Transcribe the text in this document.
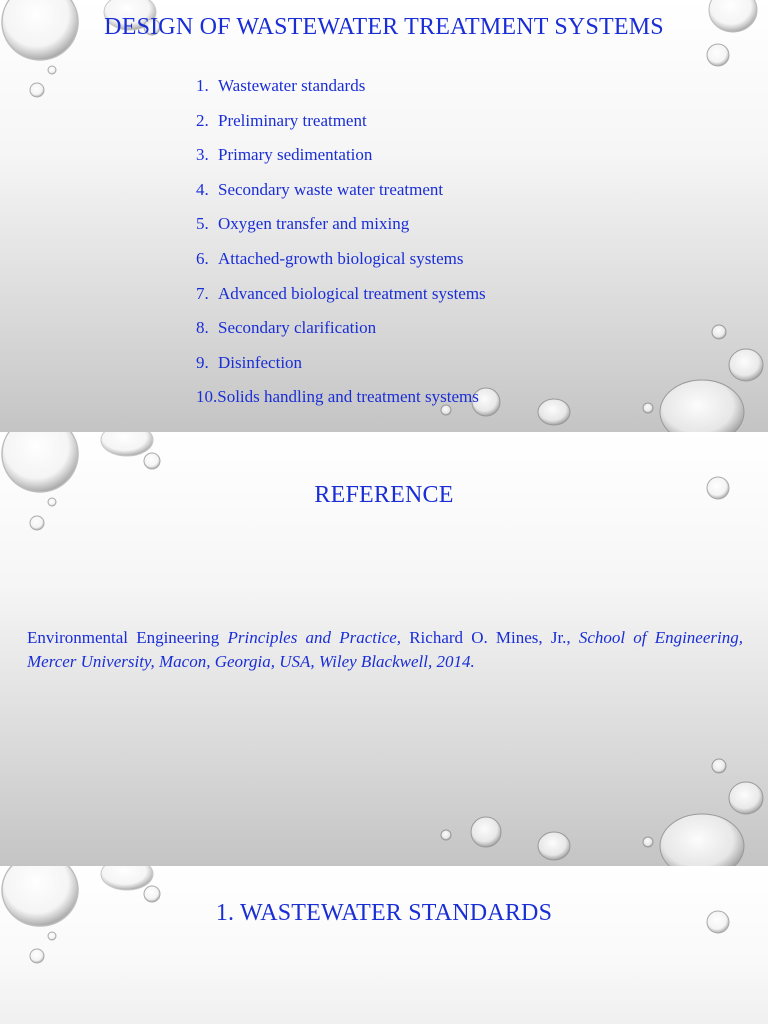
DESIGN OF WASTEWATER TREATMENT SYSTEMS
1. Wastewater standards
2. Preliminary treatment
3. Primary sedimentation
4. Secondary waste water treatment
5. Oxygen transfer and mixing
6. Attached-growth biological systems
7. Advanced biological treatment systems
8. Secondary clarification
9. Disinfection
10.Solids handling and treatment systems
REFERENCE
Environmental Engineering Principles and Practice, Richard O. Mines, Jr., School of Engineering, Mercer University, Macon, Georgia, USA, Wiley Blackwell, 2014.
1. WASTEWATER STANDARDS
